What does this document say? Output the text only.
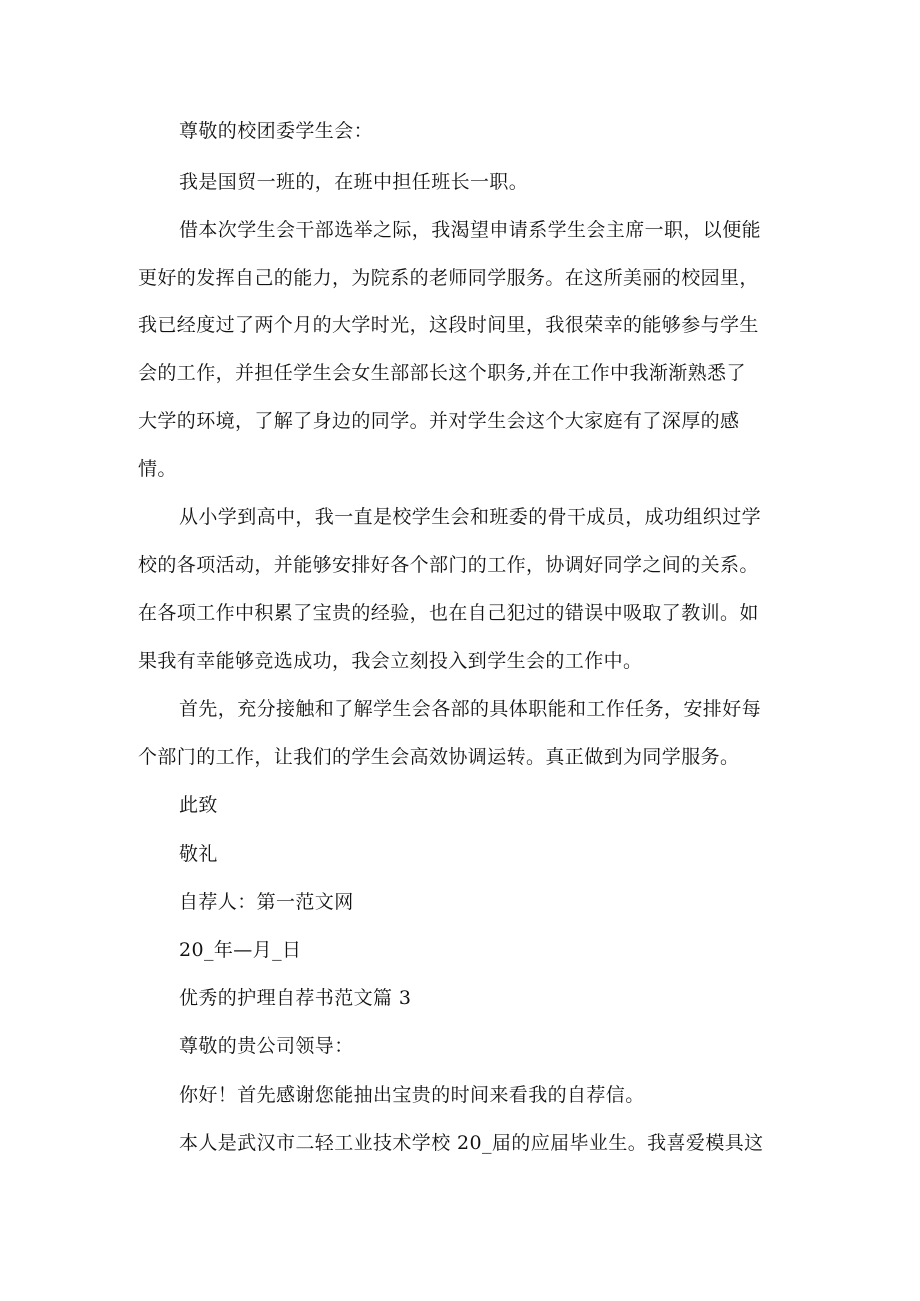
尊敬的校团委学生会：
我是国贸一班的，在班中担任班长一职。
借本次学生会干部选举之际，我渴望申请系学生会主席一职，以便能
更好的发挥自己的能力，为院系的老师同学服务。在这所美丽的校园里，
我已经度过了两个月的大学时光，这段时间里，我很荣幸的能够参与学生
会的工作，并担任学生会女生部部长这个职务,并在工作中我渐渐熟悉了
大学的环境，了解了身边的同学。并对学生会这个大家庭有了深厚的感
情。
从小学到高中，我一直是校学生会和班委的骨干成员，成功组织过学
校的各项活动，并能够安排好各个部门的工作，协调好同学之间的关系。
在各项工作中积累了宝贵的经验，也在自己犯过的错误中吸取了教训。如
果我有幸能够竞选成功，我会立刻投入到学生会的工作中。
首先，充分接触和了解学生会各部的具体职能和工作任务，安排好每
个部门的工作，让我们的学生会高效协调运转。真正做到为同学服务。
此致
敬礼
自荐人：第一范文网
20_年—月_日
优秀的护理自荐书范文篇 3
尊敬的贵公司领导：
你好！首先感谢您能抽出宝贵的时间来看我的自荐信。
本人是武汉市二轻工业技术学校 20_届的应届毕业生。我喜爱模具这
